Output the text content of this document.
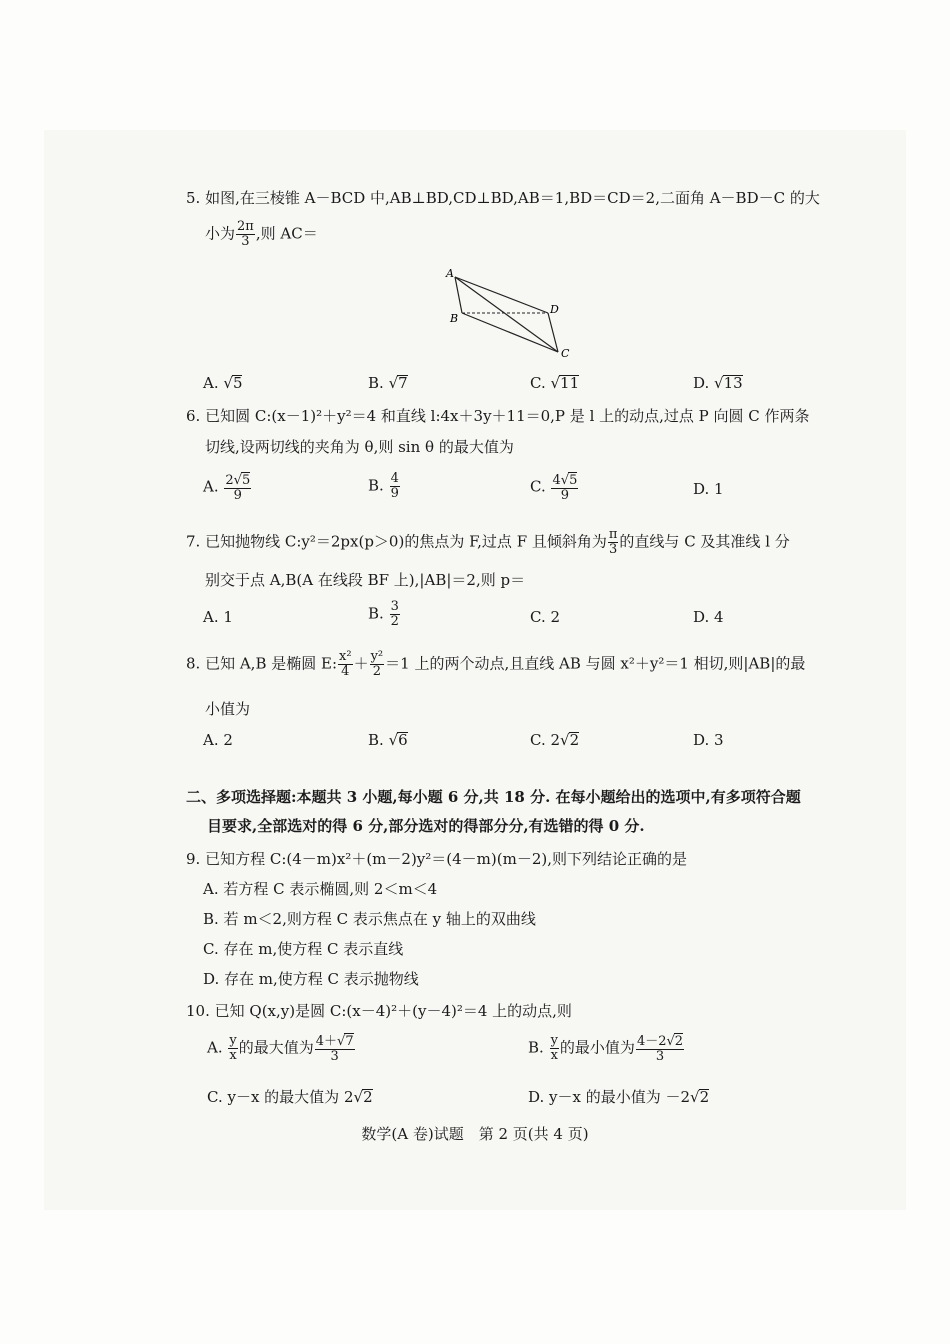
5. 如图,在三棱锥 A－BCD 中,AB⊥BD,CD⊥BD,AB＝1,BD＝CD＝2,二面角 A－BD－C 的大
小为 $\frac{2\pi}{3}$ ,则 AC＝
A
B
D
C
A. √5	B. √7	C. √11	D. √13
6. 已知圆 C:(x－1)²＋y²＝4 和直线 l:4x＋3y＋11＝0,P 是 l 上的动点,过点 P 向圆 C 作两条
切线,设两切线的夹角为 θ,则 sin θ 的最大值为
A. $\frac{2√5}{9}$	B. $\frac{4}{9}$	C. $\frac{4√5}{9}$	D. 1
7. 已知抛物线 C:y²＝2px(p＞0)的焦点为 F,过点 F 且倾斜角为 $\frac{\pi}{3}$ 的直线与 C 及其准线 l 分
别交于点 A,B(A 在线段 BF 上),|AB|＝2,则 p＝
A. 1	B. $\frac{3}{2}$	C. 2	D. 4
8. 已知 A,B 是椭圆 E: $\frac{\text{x²}}{4} + \frac{\text{y²}}{2} =1$ 上的两个动点,且直线 AB 与圆 x²＋y²＝1 相切,则|AB|的最
小值为
A. 2	B. √6	C. 2√2	D. 3
二、多项选择题:本题共 3 小题,每小题 6 分,共 18 分. 在每小题给出的选项中,有多项符合题
目要求,全部选对的得 6 分,部分选对的得部分分,有选错的得 0 分.
9. 已知方程 C:(4－m)x²＋(m－2)y²＝(4－m)(m－2),则下列结论正确的是
A. 若方程 C 表示椭圆,则 2＜m＜4
B. 若 m＜2,则方程 C 表示焦点在 y 轴上的双曲线
C. 存在 m,使方程 C 表示直线
D. 存在 m,使方程 C 表示抛物线
10. 已知 Q(x,y)是圆 C:(x－4)²＋(y－4)²＝4 上的动点,则
A. $\frac{y}{x}$ 的最大值为 $\frac{4+√7}{3}$	B. $\frac{y}{x}$ 的最小值为 $\frac{4-2√2}{3}$
C. y－x 的最大值为 2√2	D. y－x 的最小值为 －2√2
数学(A 卷)试题　第 2 页(共 4 页)
